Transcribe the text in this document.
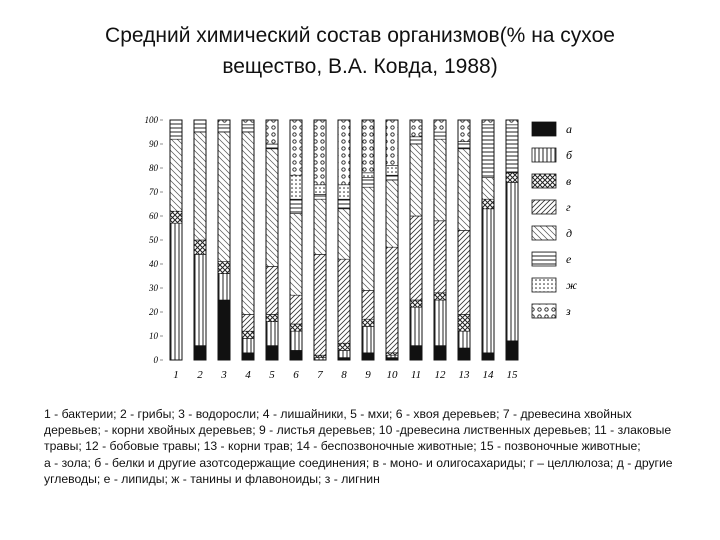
Средний химический состав организмов(% на сухое
вещество, В.А. Ковда, 1988)
0
10
20
30
40
50
60
70
80
90
100
1 2 3 4 5 6 7 8 9 10 11 12 13 14 15
а
б
в
г
д
е
ж
з

1 - бактерии; 2 - грибы; 3 - водоросли; 4 - лишайники, 5 - мхи; 6 - хвоя деревьев; 7 - древесина хвойных деревьев; - корни хвойных деревьев; 9 - листья деревьев; 10 -древесина лиственных деревьев; 11 - злаковые травы; 12 - бобовые травы; 13 - корни трав; 14 - беспозвоночные животные; 15 - позвоночные животные;

а - зола; б - белки и другие азотсодержащие соединения; в - моно- и олигосахариды; г – целлюлоза; д - другие углеводы; е - липиды; ж - танины и флавоноиды; з - лигнин
